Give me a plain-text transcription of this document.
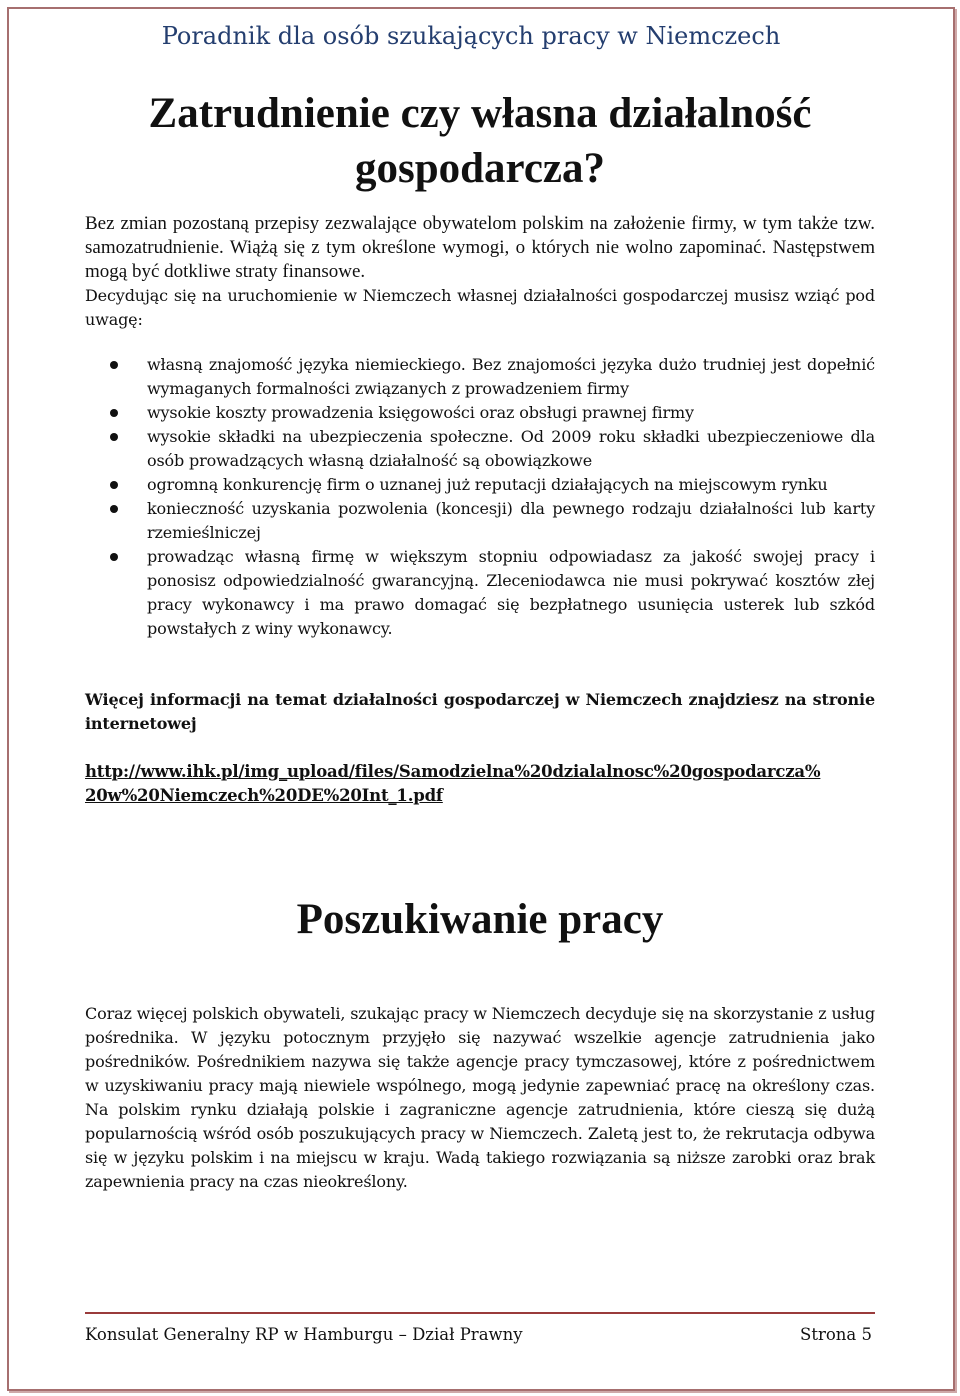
Poradnik dla osób szukających pracy w Niemczech
Zatrudnienie czy własna działalność gospodarcza?

Bez zmian pozostaną przepisy zezwalające obywatelom polskim na założenie firmy, w tym także tzw. samozatrudnienie. Wiążą się z tym określone wymogi, o których nie wolno zapominać. Następstwem mogą być dotkliwe straty finansowe.

Decydując się na uruchomienie w Niemczech własnej działalności gospodarczej musisz wziąć pod uwagę:

własną znajomość języka niemieckiego. Bez znajomości języka dużo trudniej jest dopełnić wymaganych formalności związanych z prowadzeniem firmy
wysokie koszty prowadzenia księgowości oraz obsługi prawnej firmy
wysokie składki na ubezpieczenia społeczne. Od 2009 roku składki ubezpieczeniowe dla osób prowadzących własną działalność są obowiązkowe
ogromną konkurencję firm o uznanej już reputacji działających na miejscowym rynku
konieczność uzyskania pozwolenia (koncesji) dla pewnego rodzaju działalności lub karty rzemieślniczej
prowadząc własną firmę w większym stopniu odpowiadasz za jakość swojej pracy i ponosisz odpowiedzialność gwarancyjną. Zleceniodawca nie musi pokrywać kosztów złej pracy wykonawcy i ma prawo domagać się bezpłatnego usunięcia usterek lub szkód powstałych z winy wykonawcy.

Więcej informacji na temat działalności gospodarczej w Niemczech znajdziesz na stronie internetowej

http://www.ihk.pl/img_upload/files/Samodzielna%20dzialalnosc%20gospodarcza%
20w%20Niemczech%20DE%20Int_1.pdf
Poszukiwanie pracy

Coraz więcej polskich obywateli, szukając pracy w Niemczech decyduje się na skorzystanie z usług pośrednika. W języku potocznym przyjęło się nazywać wszelkie agencje zatrudnienia jako pośredników. Pośrednikiem nazywa się także agencje pracy tymczasowej, które z pośrednictwem w uzyskiwaniu pracy mają niewiele wspólnego, mogą jedynie zapewniać pracę na określony czas. Na polskim rynku działają polskie i zagraniczne agencje zatrudnienia, które cieszą się dużą popularnością wśród osób poszukujących pracy w Niemczech. Zaletą jest to, że rekrutacja odbywa się w języku polskim i na miejscu w kraju. Wadą takiego rozwiązania są niższe zarobki oraz brak zapewnienia pracy na czas nieokreślony.

Konsulat Generalny RP w Hamburgu – Dział Prawny	Strona 5
